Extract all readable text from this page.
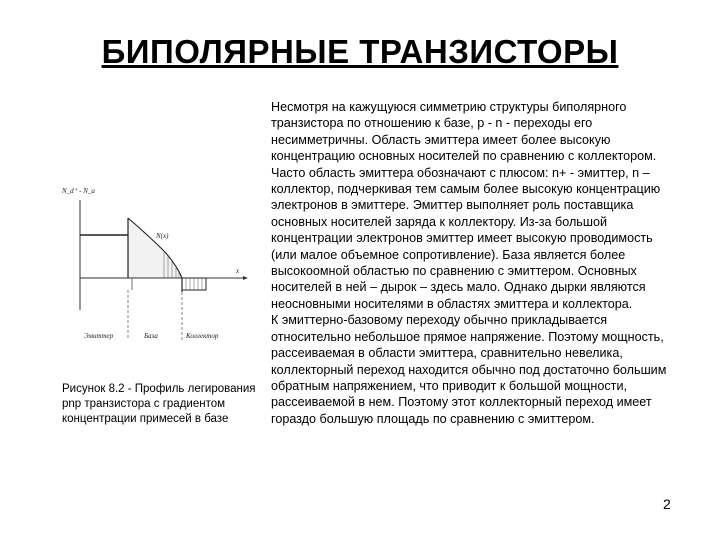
БИПОЛЯРНЫЕ ТРАНЗИСТОРЫ
N_d⁺ - N_a
x
N(x)
Эмиттер	База	Коллектор
Рисунок 8.2 - Профиль легирования pnp транзистора с градиентом концентрации примесей в базе

Несмотря на кажущуюся симметрию структуры биполярного транзистора по отношению к базе, p - n - переходы его несимметричны. Область эмиттера имеет более высокую концентрацию основных носителей по сравнению с коллектором. Часто область эмиттера обозначают с плюсом: n+ - эмиттер, n – коллектор, подчеркивая тем самым более высокую концентрацию электронов в эмиттере. Эмиттер выполняет роль поставщика основных носителей заряда к коллектору. Из-за большой концентрации электронов эмиттер имеет высокую проводимость (или малое объемное сопротивление). База является более высокоомной областью по сравнению с эмиттером. Основных носителей в ней – дырок – здесь мало. Однако дырки являются неосновными носителями в областях эмиттера и коллектора.

К эмиттерно-базовому переходу обычно прикладывается относительно небольшое прямое напряжение. Поэтому мощность, рассеиваемая в области эмиттера, сравнительно невелика, коллекторный переход находится обычно под достаточно большим обратным напряжением, что приводит к большой мощности, рассеиваемой в нем. Поэтому этот коллекторный переход имеет гораздо большую площадь по сравнению с эмиттером.

2
